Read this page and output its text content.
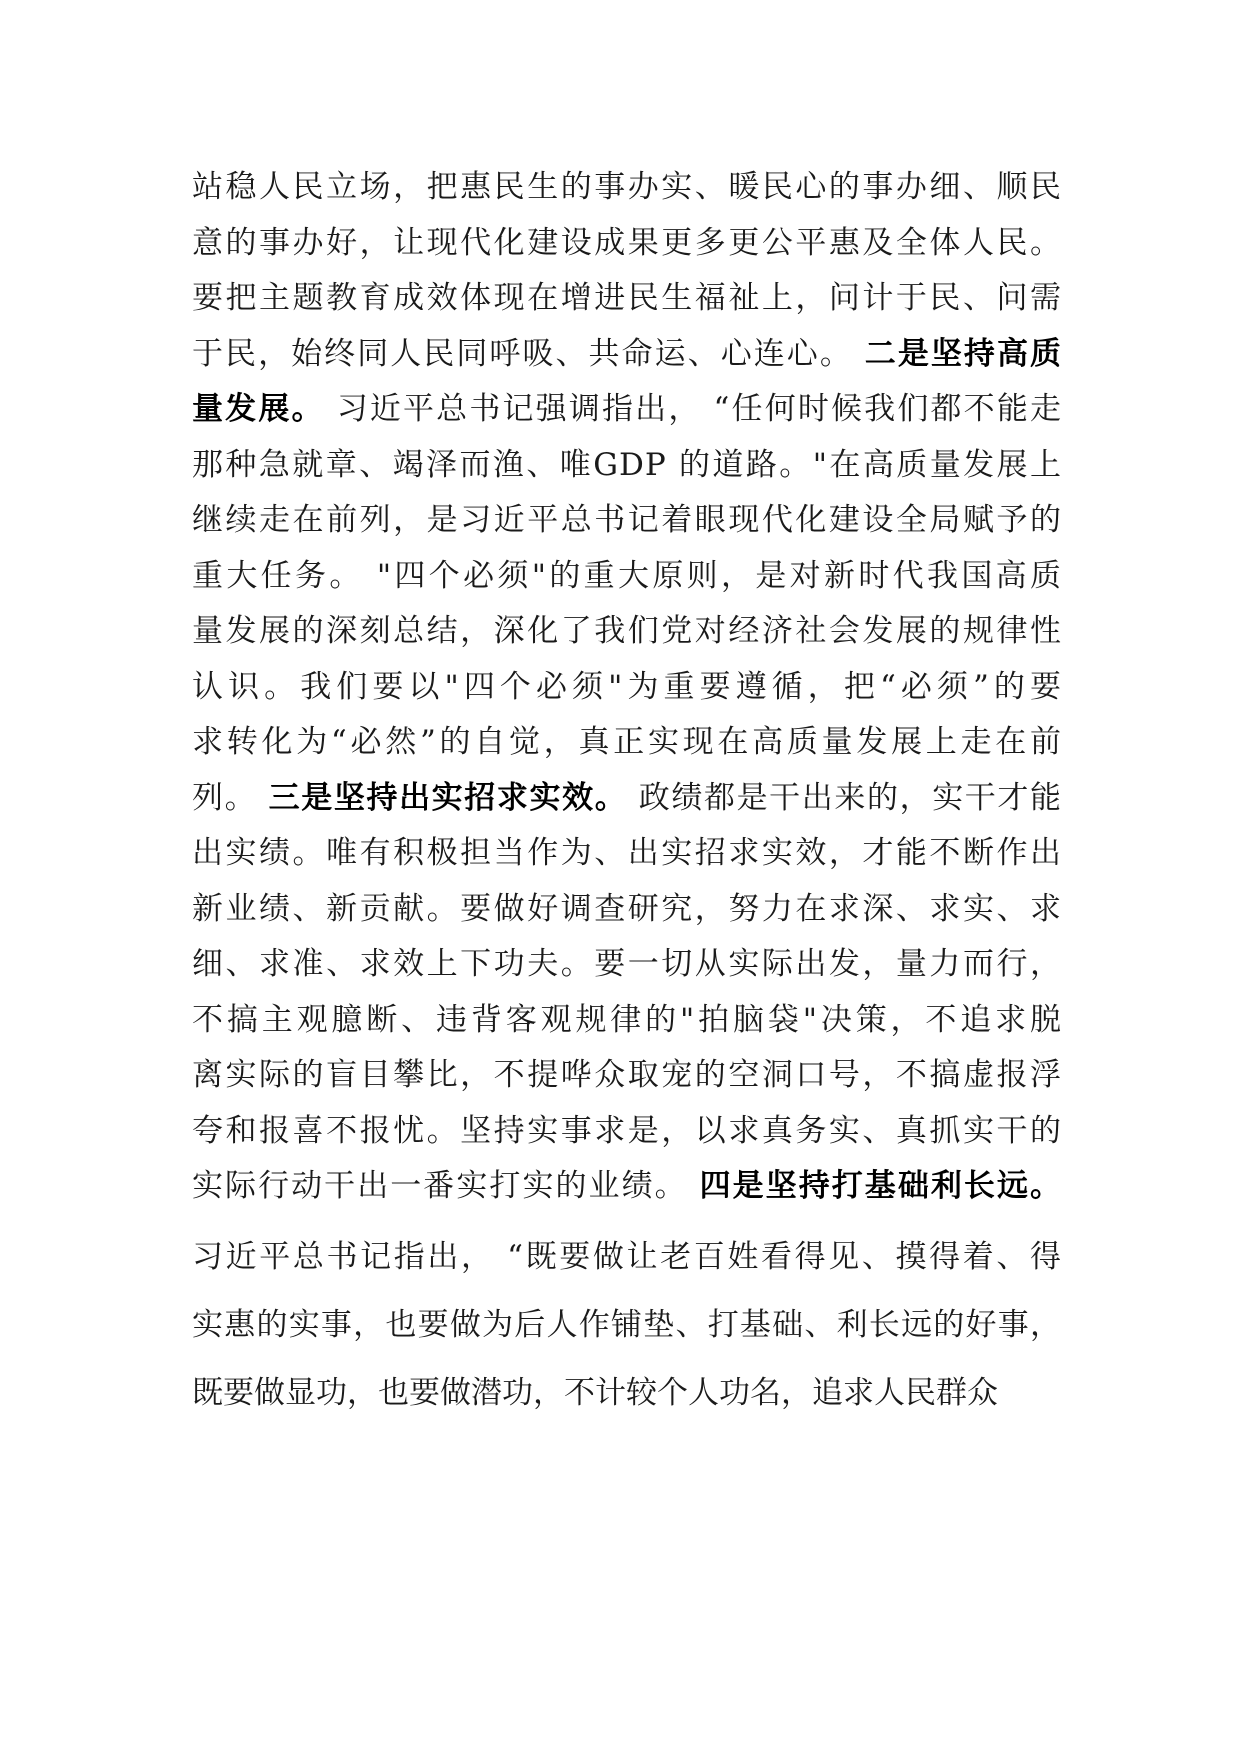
站稳人民立场，把惠民生的事办实、暖民心的事办细、顺民
意的事办好，让现代化建设成果更多更公平惠及全体人民。
要把主题教育成效体现在增进民生福祉上，问计于民、问需
于民，始终同人民同呼吸、共命运、心连心。 二是坚持高质
量发展。 习近平总书记强调指出， “任何时候我们都不能走
那种急就章、竭泽而渔、唯GDP 的道路。"在高质量发展上
继续走在前列，是习近平总书记着眼现代化建设全局赋予的
重大任务。 "四个必须"的重大原则，是对新时代我国高质
量发展的深刻总结，深化了我们党对经济社会发展的规律性
认识。我们要以"四个必须"为重要遵循，把“必须”的要
求转化为“必然”的自觉，真正实现在高质量发展上走在前
列。 三是坚持出实招求实效。 政绩都是干出来的，实干才能
出实绩。唯有积极担当作为、出实招求实效，才能不断作出
新业绩、新贡献。要做好调查研究，努力在求深、求实、求
细、求准、求效上下功夫。要一切从实际出发，量力而行，
不搞主观臆断、违背客观规律的"拍脑袋"决策，不追求脱
离实际的盲目攀比，不提哗众取宠的空洞口号，不搞虚报浮
夸和报喜不报忧。坚持实事求是，以求真务实、真抓实干的
实际行动干出一番实打实的业绩。 四是坚持打基础利长远。
习近平总书记指出， “既要做让老百姓看得见、摸得着、得
实惠的实事，也要做为后人作铺垫、打基础、利长远的好事，
既要做显功，也要做潜功，不计较个人功名，追求人民群众
